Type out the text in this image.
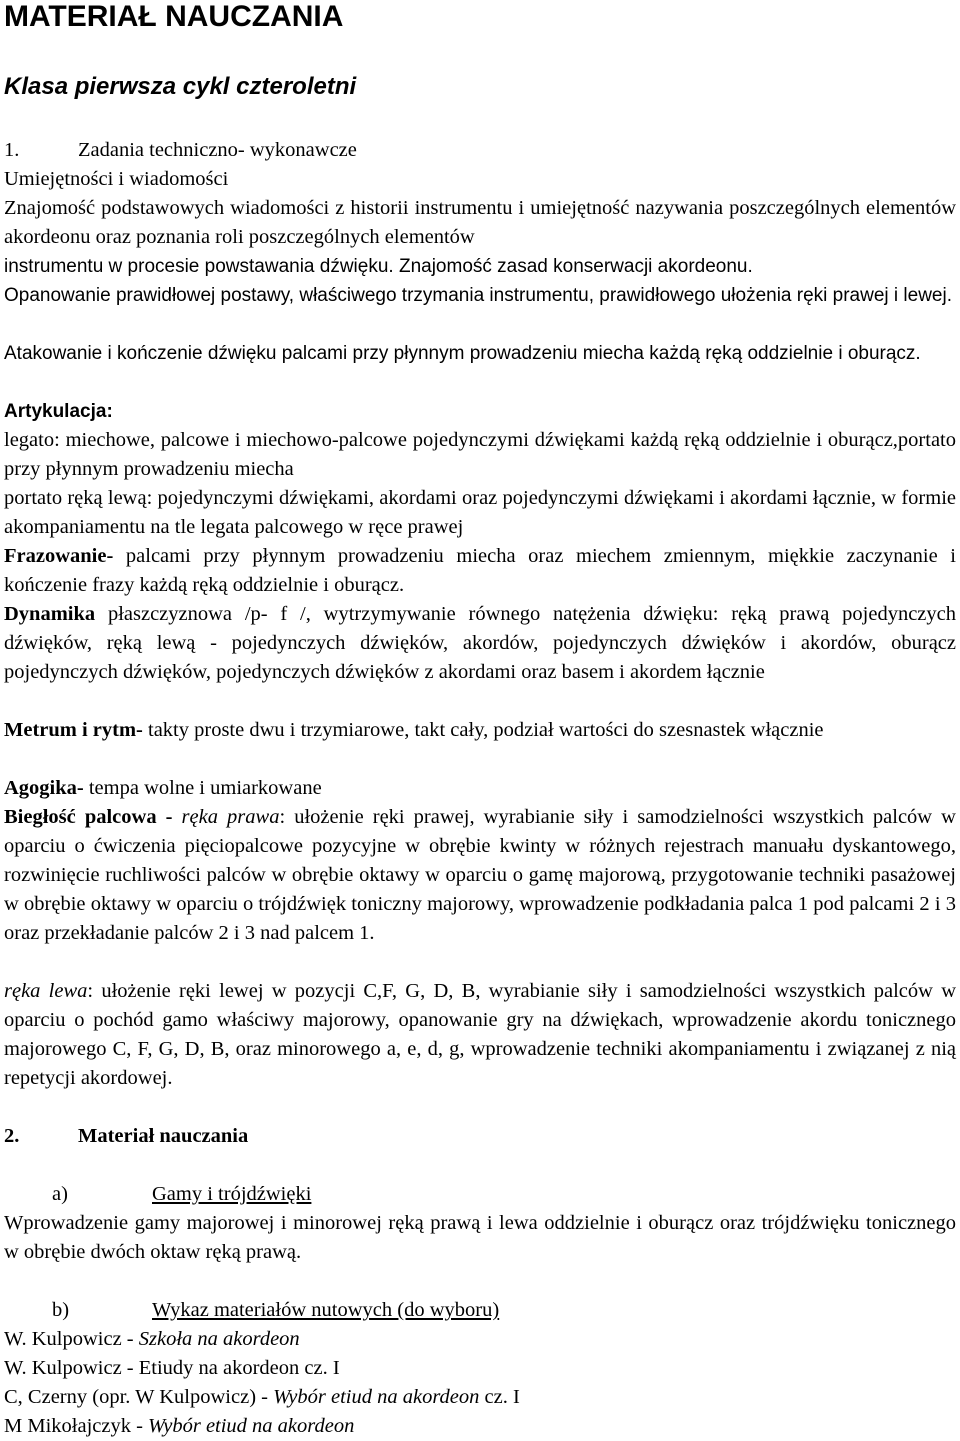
MATERIAŁ NAUCZANIA
Klasa pierwsza cykl czteroletni
1.	Zadania techniczno- wykonawcze
Umiejętności i wiadomości

Znajomość podstawowych wiadomości z historii instrumentu i umiejętność nazywania poszczególnych elementów akordeonu oraz poznania roli poszczególnych elementów

instrumentu w procesie powstawania dźwięku. Znajomość zasad konserwacji akordeonu.

Opanowanie prawidłowej postawy, właściwego trzymania instrumentu, prawidłowego ułożenia ręki prawej i lewej.

Atakowanie i kończenie dźwięku palcami przy płynnym prowadzeniu miecha każdą ręką oddzielnie i oburącz.

Artykulacja:

legato: miechowe, palcowe i miechowo-palcowe pojedynczymi dźwiękami każdą ręką oddzielnie i oburącz,portato przy płynnym prowadzeniu miecha

portato ręką lewą: pojedynczymi dźwiękami, akordami oraz pojedynczymi dźwiękami i akordami łącznie, w formie akompaniamentu na tle legata palcowego w ręce prawej

Frazowanie- palcami przy płynnym prowadzeniu miecha oraz miechem zmiennym, miękkie zaczynanie i kończenie frazy każdą ręką oddzielnie i oburącz.

Dynamika płaszczyznowa /p- f /, wytrzymywanie równego natężenia dźwięku: ręką prawą pojedynczych dźwięków, ręką lewą - pojedynczych dźwięków, akordów, pojedynczych dźwięków i akordów, oburącz pojedynczych dźwięków, pojedynczych dźwięków z akordami oraz basem i akordem łącznie

Metrum i rytm- takty proste dwu i trzymiarowe, takt cały, podział wartości do szesnastek włącznie

Agogika- tempa wolne i umiarkowane

Biegłość palcowa - ręka prawa: ułożenie ręki prawej, wyrabianie siły i samodzielności wszystkich palców w oparciu o ćwiczenia pięciopalcowe pozycyjne w obrębie kwinty w różnych rejestrach manuału dyskantowego, rozwinięcie ruchliwości palców w obrębie oktawy w oparciu o gamę majorową, przygotowanie techniki pasażowej w obrębie oktawy w oparciu o trójdźwięk toniczny majorowy, wprowadzenie podkładania palca 1 pod palcami 2 i 3 oraz przekładanie palców 2 i 3 nad palcem 1.

ręka lewa: ułożenie ręki lewej w pozycji C,F, G, D, B, wyrabianie siły i samodzielności wszystkich palców w oparciu o pochód gamo właściwy majorowy, opanowanie gry na dźwiękach, wprowadzenie akordu tonicznego majorowego C, F, G, D, B, oraz minorowego a, e, d, g, wprowadzenie techniki akompaniamentu i związanej z nią repetycji akordowej.

2.	Materiał nauczania
a)	Gamy i trójdźwięki

Wprowadzenie gamy majorowej i minorowej ręką prawą i lewa oddzielnie i oburącz oraz trójdźwięku tonicznego w obrębie dwóch oktaw ręką prawą.

b)	Wykaz materiałów nutowych (do wyboru)
W. Kulpowicz - Szkoła na akordeon
W. Kulpowicz - Etiudy na akordeon cz. I
C, Czerny (opr. W Kulpowicz) - Wybór etiud na akordeon cz. I
M Mikołajczyk - Wybór etiud na akordeon
